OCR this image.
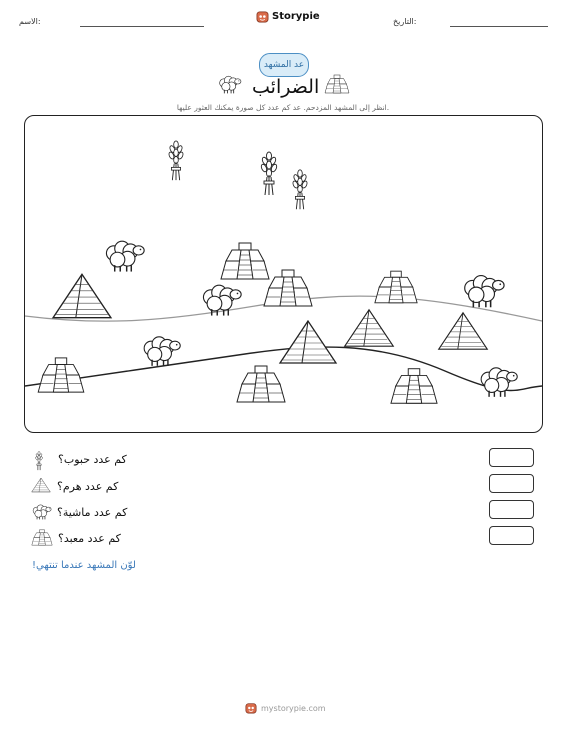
الاسم:	Storypie	التاريخ:
عد المشهد
الضرائب
انظر إلى المشهد المزدحم. عد كم عدد كل صورة يمكنك العثور عليها.
كم عدد حبوب؟
كم عدد هرم؟
كم عدد ماشية؟
كم عدد معبد؟
لوّن المشهد عندما تنتهي!
mystorypie.com
